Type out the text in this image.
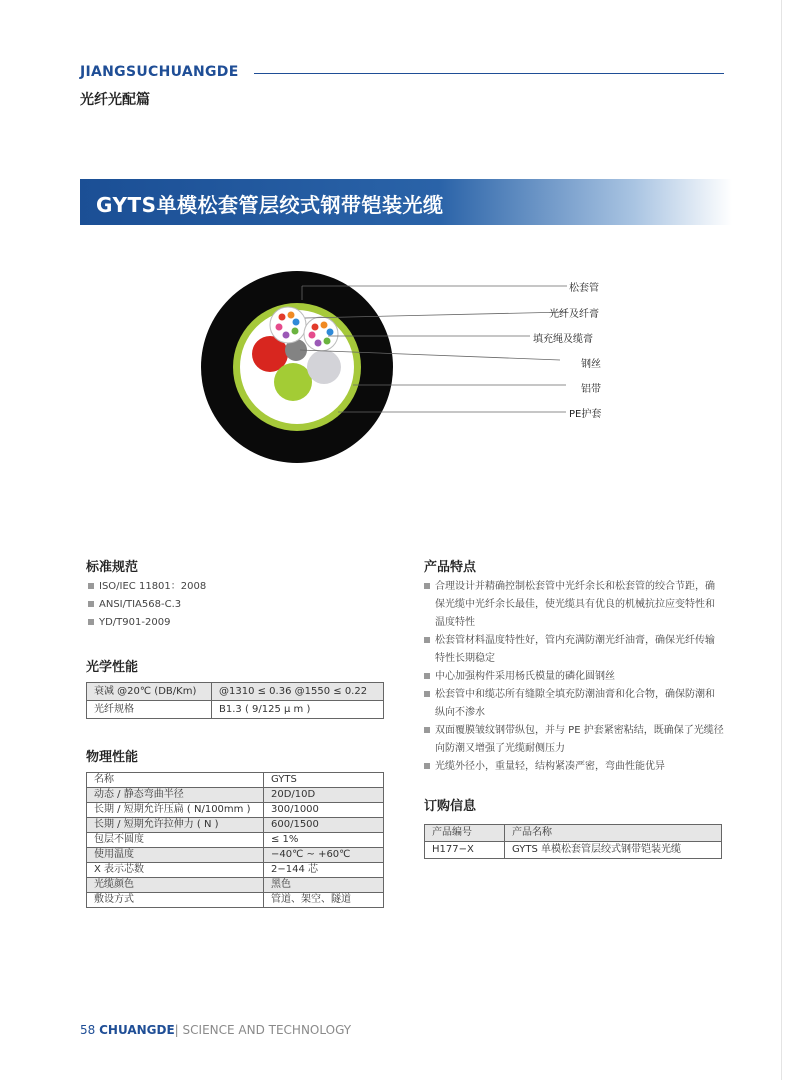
JIANGSUCHUANGDE
光纤光配篇
GYTS单模松套管层绞式钢带铠装光缆
松套管
光纤及纤膏
填充绳及缆膏
钢丝
铝带
PE护套
标准规范
ISO/IEC 11801：2008
ANSI/TIA568-C.3
YD/T901-2009
光学性能
衰减 @20℃ (DB/Km)	@1310 ≤ 0.36 @1550 ≤ 0.22
光纤规格	B1.3 ( 9/125 μ m )
物理性能
名称	GYTS
动态 / 静态弯曲半径	20D/10D
长期 / 短期允许压扁 ( N/100mm )	300/1000
长期 / 短期允许拉伸力 ( N )	600/1500
包层不圆度	≤ 1%
使用温度	−40℃ ~ +60℃
X 表示芯数	2−144 芯
光缆颜色	黑色
敷设方式	管道、架空、隧道
产品特点
合理设计并精确控制松套管中光纤余长和松套管的绞合节距，确保光缆中光纤余长最佳，使光缆具有优良的机械抗拉应变特性和温度特性
松套管材料温度特性好，管内充满防潮光纤油膏，确保光纤传输特性长期稳定
中心加强构件采用杨氏模量的磷化圆钢丝
松套管中和缆芯所有缝隙全填充防潮油膏和化合物，确保防潮和纵向不渗水
双面覆膜皱纹钢带纵包，并与 PE 护套紧密粘结，既确保了光缆径向防潮又增强了光缆耐侧压力
光缆外径小，重量轻，结构紧凑严密，弯曲性能优异
订购信息
产品编号	产品名称
H177−X	GYTS 单模松套管层绞式钢带铠装光缆
58 CHUANGDE| SCIENCE AND TECHNOLOGY
